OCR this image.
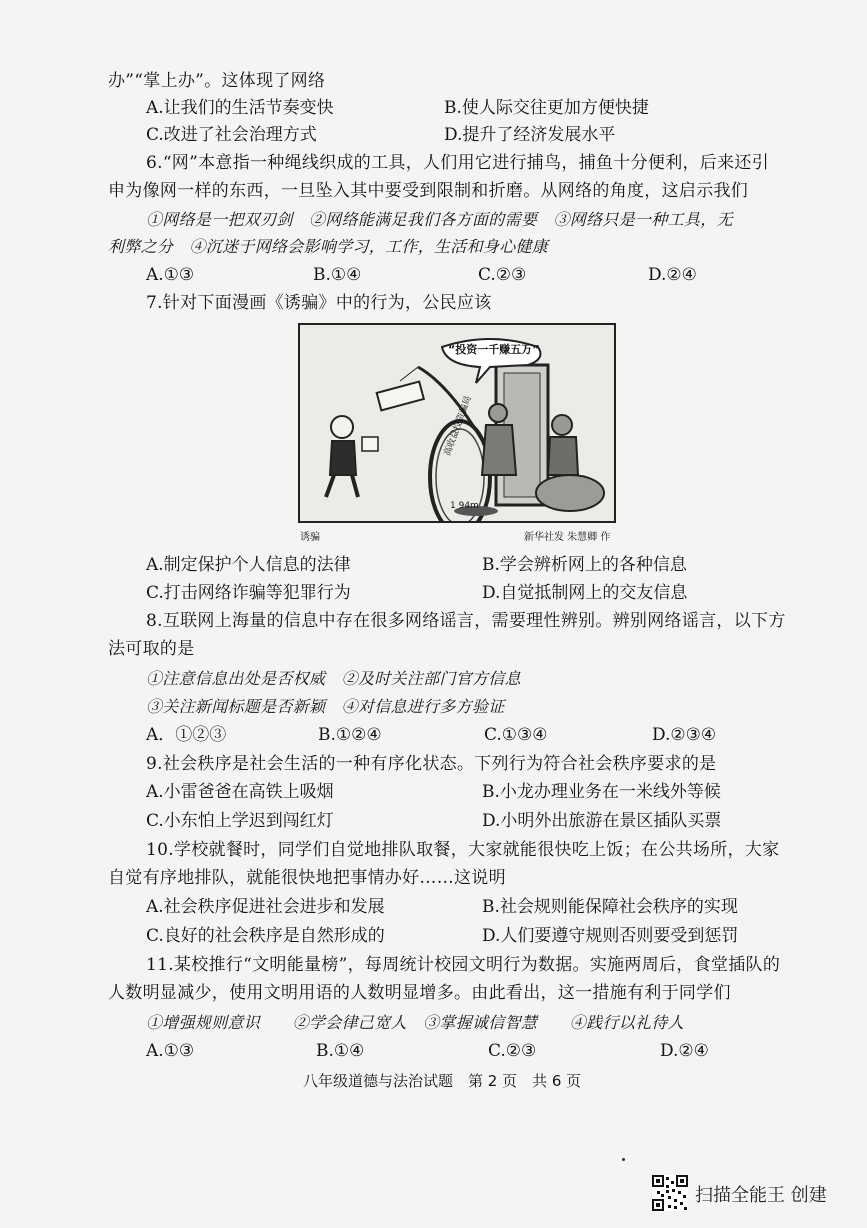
办”“掌上办”。这体现了网络
A.让我们的生活节奏变快	B.使人际交往更加方便快捷
C.改进了社会治理方式	D.提升了经济发展水平
6.“网”本意指一种绳线织成的工具，人们用它进行捕鸟，捕鱼十分便利，后来还引
申为像网一样的东西，一旦坠入其中要受到限制和折磨。从网络的角度，这启示我们
①网络是一把双刃剑　②网络能满足我们各方面的需要　③网络只是一种工具，无
利弊之分　④沉迷于网络会影响学习，工作，生活和身心健康
A.①③	B.①④	C.②③	D.②④
7.针对下面漫画《诱骗》中的行为，公民应该
“投资一千赚五万”
高收益投资骗局
1 94m
诱骗	新华社发 朱慧卿 作
A.制定保护个人信息的法律	B.学会辨析网上的各种信息
C.打击网络诈骗等犯罪行为	D.自觉抵制网上的交友信息
8.互联网上海量的信息中存在很多网络谣言，需要理性辨别。辨别网络谣言，以下方
法可取的是
①注意信息出处是否权威　②及时关注部门官方信息
③关注新闻标题是否新颖　④对信息进行多方验证
A．①②③	B.①②④	C.①③④	D.②③④
9.社会秩序是社会生活的一种有序化状态。下列行为符合社会秩序要求的是
A.小雷爸爸在高铁上吸烟	B.小龙办理业务在一米线外等候
C.小东怕上学迟到闯红灯	D.小明外出旅游在景区插队买票
10.学校就餐时，同学们自觉地排队取餐，大家就能很快吃上饭；在公共场所，大家
自觉有序地排队，就能很快地把事情办好……这说明
A.社会秩序促进社会进步和发展	B.社会规则能保障社会秩序的实现
C.良好的社会秩序是自然形成的	D.人们要遵守规则否则要受到惩罚
11.某校推行“文明能量榜”，每周统计校园文明行为数据。实施两周后，食堂插队的
人数明显减少，使用文明用语的人数明显增多。由此看出，这一措施有利于同学们
①增强规则意识　　②学会律己宽人　③掌握诚信智慧　　④践行以礼待人
A.①③	B.①④	C.②③	D.②④
八年级道德与法治试题　第 2 页　共 6 页
扫描全能王 创建
